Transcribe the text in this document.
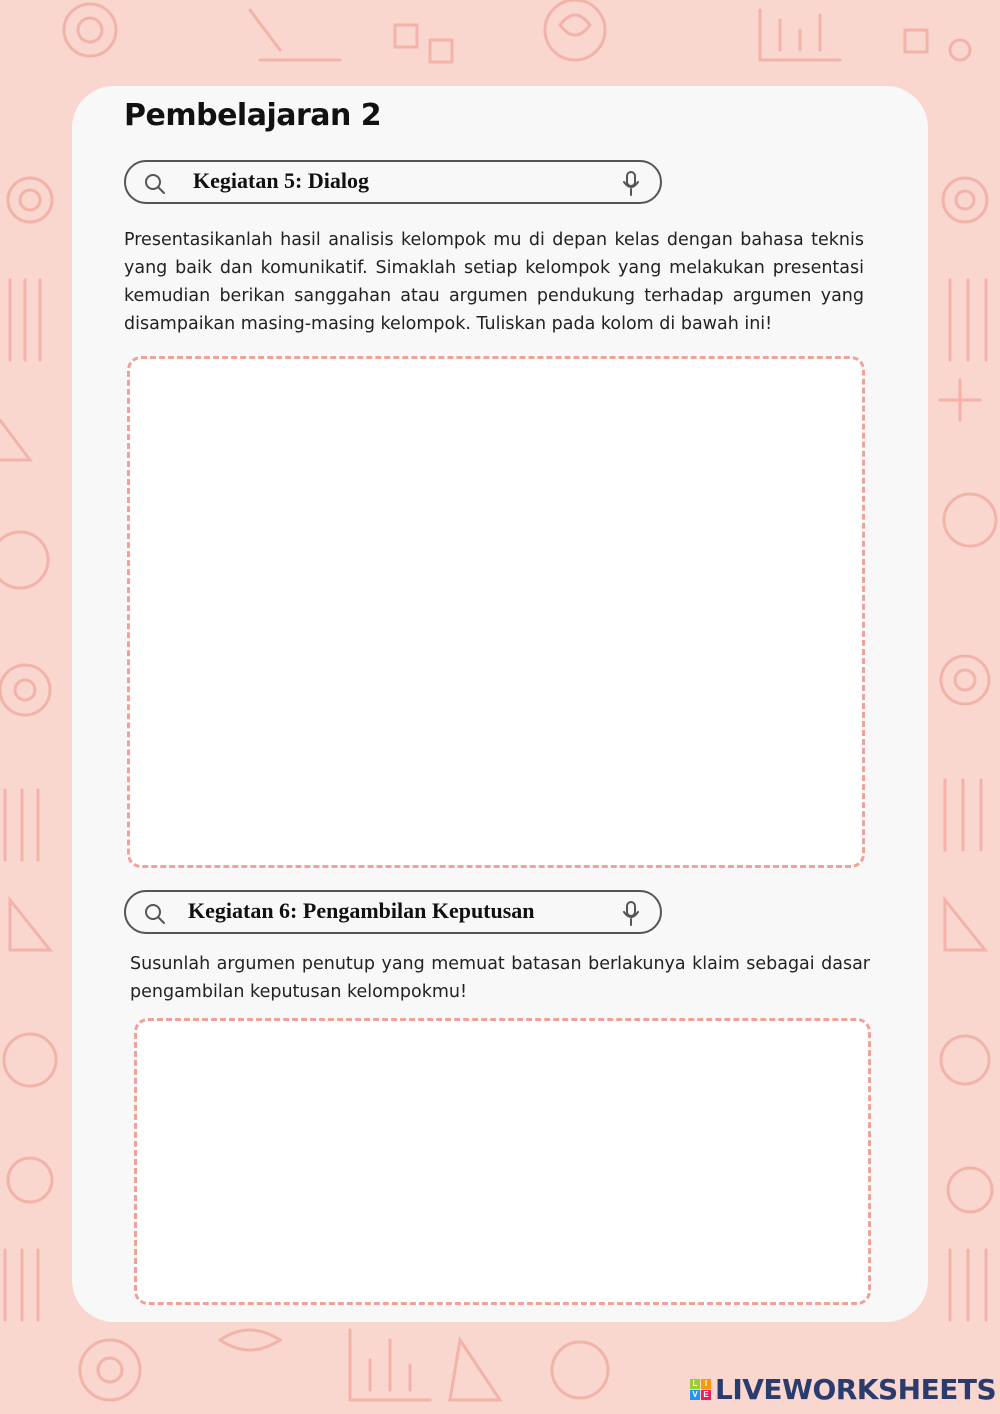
Pembelajaran 2
Kegiatan 5: Dialog

Presentasikanlah hasil analisis kelompok mu di depan kelas dengan bahasa teknis yang baik dan komunikatif. Simaklah setiap kelompok yang melakukan presentasi kemudian berikan sanggahan atau argumen pendukung terhadap argumen yang disampaikan masing-masing kelompok. Tuliskan pada kolom di bawah ini!

Kegiatan 6: Pengambilan Keputusan

Susunlah argumen penutup yang memuat batasan berlakunya klaim sebagai dasar pengambilan keputusan kelompokmu!

L I
V E LIVEWORKSHEETS
